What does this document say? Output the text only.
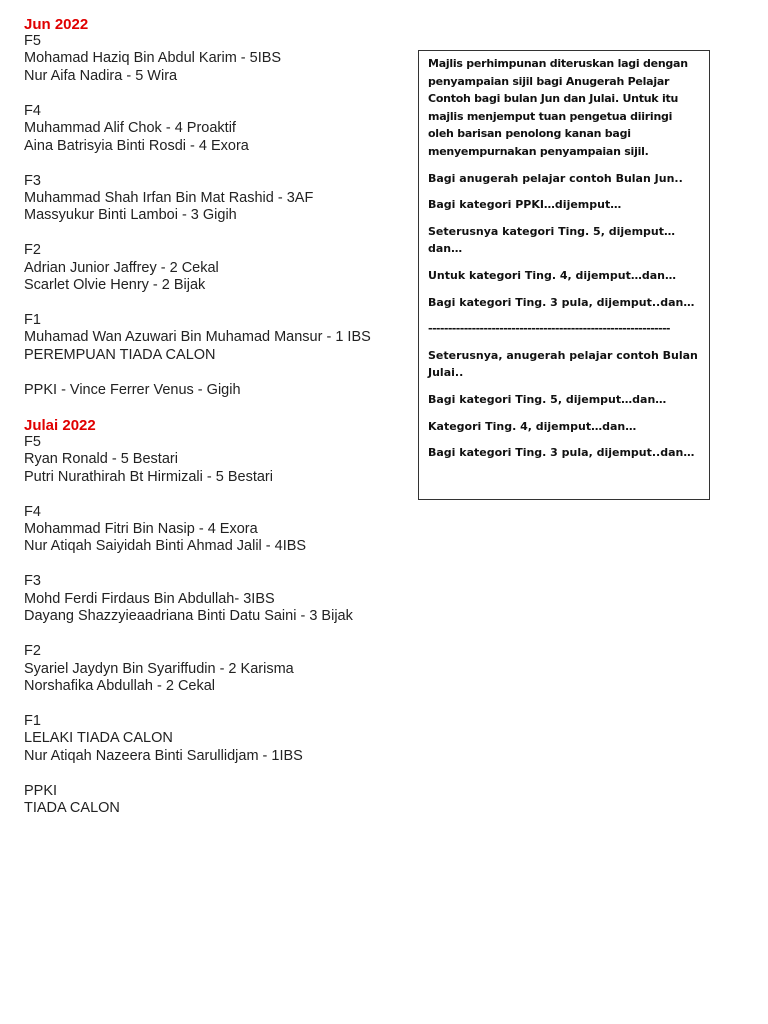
Jun 2022
F5
Mohamad Haziq Bin Abdul Karim - 5IBS
Nur Aifa Nadira - 5 Wira
F4
Muhammad Alif Chok - 4 Proaktif
Aina Batrisyia Binti Rosdi - 4 Exora
F3
Muhammad Shah Irfan Bin Mat Rashid - 3AF
Massyukur Binti Lamboi - 3 Gigih
F2
Adrian Junior Jaffrey - 2 Cekal
Scarlet Olvie Henry - 2 Bijak
F1
Muhamad Wan Azuwari Bin Muhamad Mansur - 1 IBS
PEREMPUAN TIADA CALON
PPKI - Vince Ferrer Venus - Gigih
Julai 2022
F5
Ryan Ronald - 5 Bestari
Putri Nurathirah Bt Hirmizali - 5 Bestari
F4
Mohammad Fitri Bin Nasip - 4 Exora
Nur Atiqah Saiyidah Binti Ahmad Jalil - 4IBS
F3
Mohd Ferdi Firdaus Bin Abdullah- 3IBS
Dayang Shazzyieaadriana Binti Datu Saini - 3 Bijak
F2
Syariel Jaydyn Bin Syariffudin - 2 Karisma
Norshafika Abdullah - 2 Cekal
F1
LELAKI TIADA CALON
Nur Atiqah Nazeera Binti Sarullidjam - 1IBS
PPKI
TIADA CALON

Majlis perhimpunan diteruskan lagi dengan penyampaian sijil bagi Anugerah Pelajar Contoh bagi bulan Jun dan Julai. Untuk itu majlis menjemput tuan pengetua diiringi oleh barisan penolong kanan bagi menyempurnakan penyampaian sijil.

Bagi anugerah pelajar contoh Bulan Jun..

Bagi kategori PPKI…dijemput…

Seterusnya kategori Ting. 5, dijemput…dan…

Untuk kategori Ting. 4, dijemput…dan…

Bagi kategori Ting. 3 pula, dijemput..dan…

-------------------------------------------------------------

Seterusnya, anugerah pelajar contoh Bulan Julai..

Bagi kategori Ting. 5, dijemput…dan…

Kategori Ting. 4, dijemput…dan…

Bagi kategori Ting. 3 pula, dijemput..dan…
